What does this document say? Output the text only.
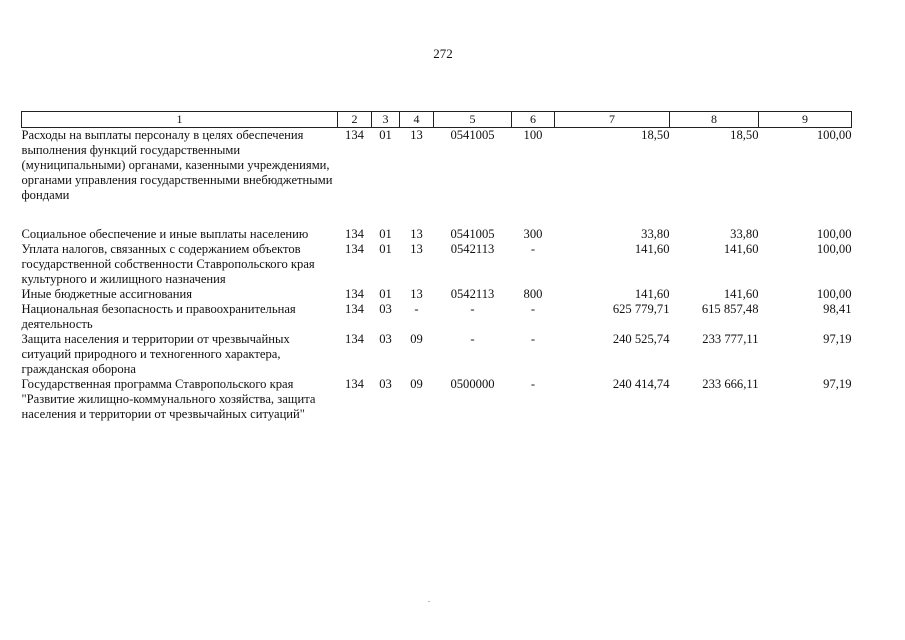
272
1	2	3	4	5	6	7	8	9
Расходы на выплаты персоналу в целях обеспечения выполнения функций государственными (муниципальными) органами, казенными учреждениями, органами управления государственными внебюджетными фондами	134	01	13	0541005	100	18,50	18,50	100,00
Социальное обеспечение и иные выплаты населению	134	01	13	0541005	300	33,80	33,80	100,00
Уплата налогов, связанных с содержанием объектов государственной собственности Ставропольского края культурного и жилищного назначения	134	01	13	0542113	-	141,60	141,60	100,00
Иные бюджетные ассигнования	134	01	13	0542113	800	141,60	141,60	100,00
Национальная безопасность и правоохранительная деятельность	134	03	-	-	-	625 779,71	615 857,48	98,41
Защита населения и территории от чрезвычайных ситуаций природного и техногенного характера, гражданская оборона	134	03	09	-	-	240 525,74	233 777,11	97,19
Государственная программа Ставропольского края "Развитие жилищно-коммунального хозяйства, защита населения и территории от чрезвычайных ситуаций"	134	03	09	0500000	-	240 414,74	233 666,11	97,19
